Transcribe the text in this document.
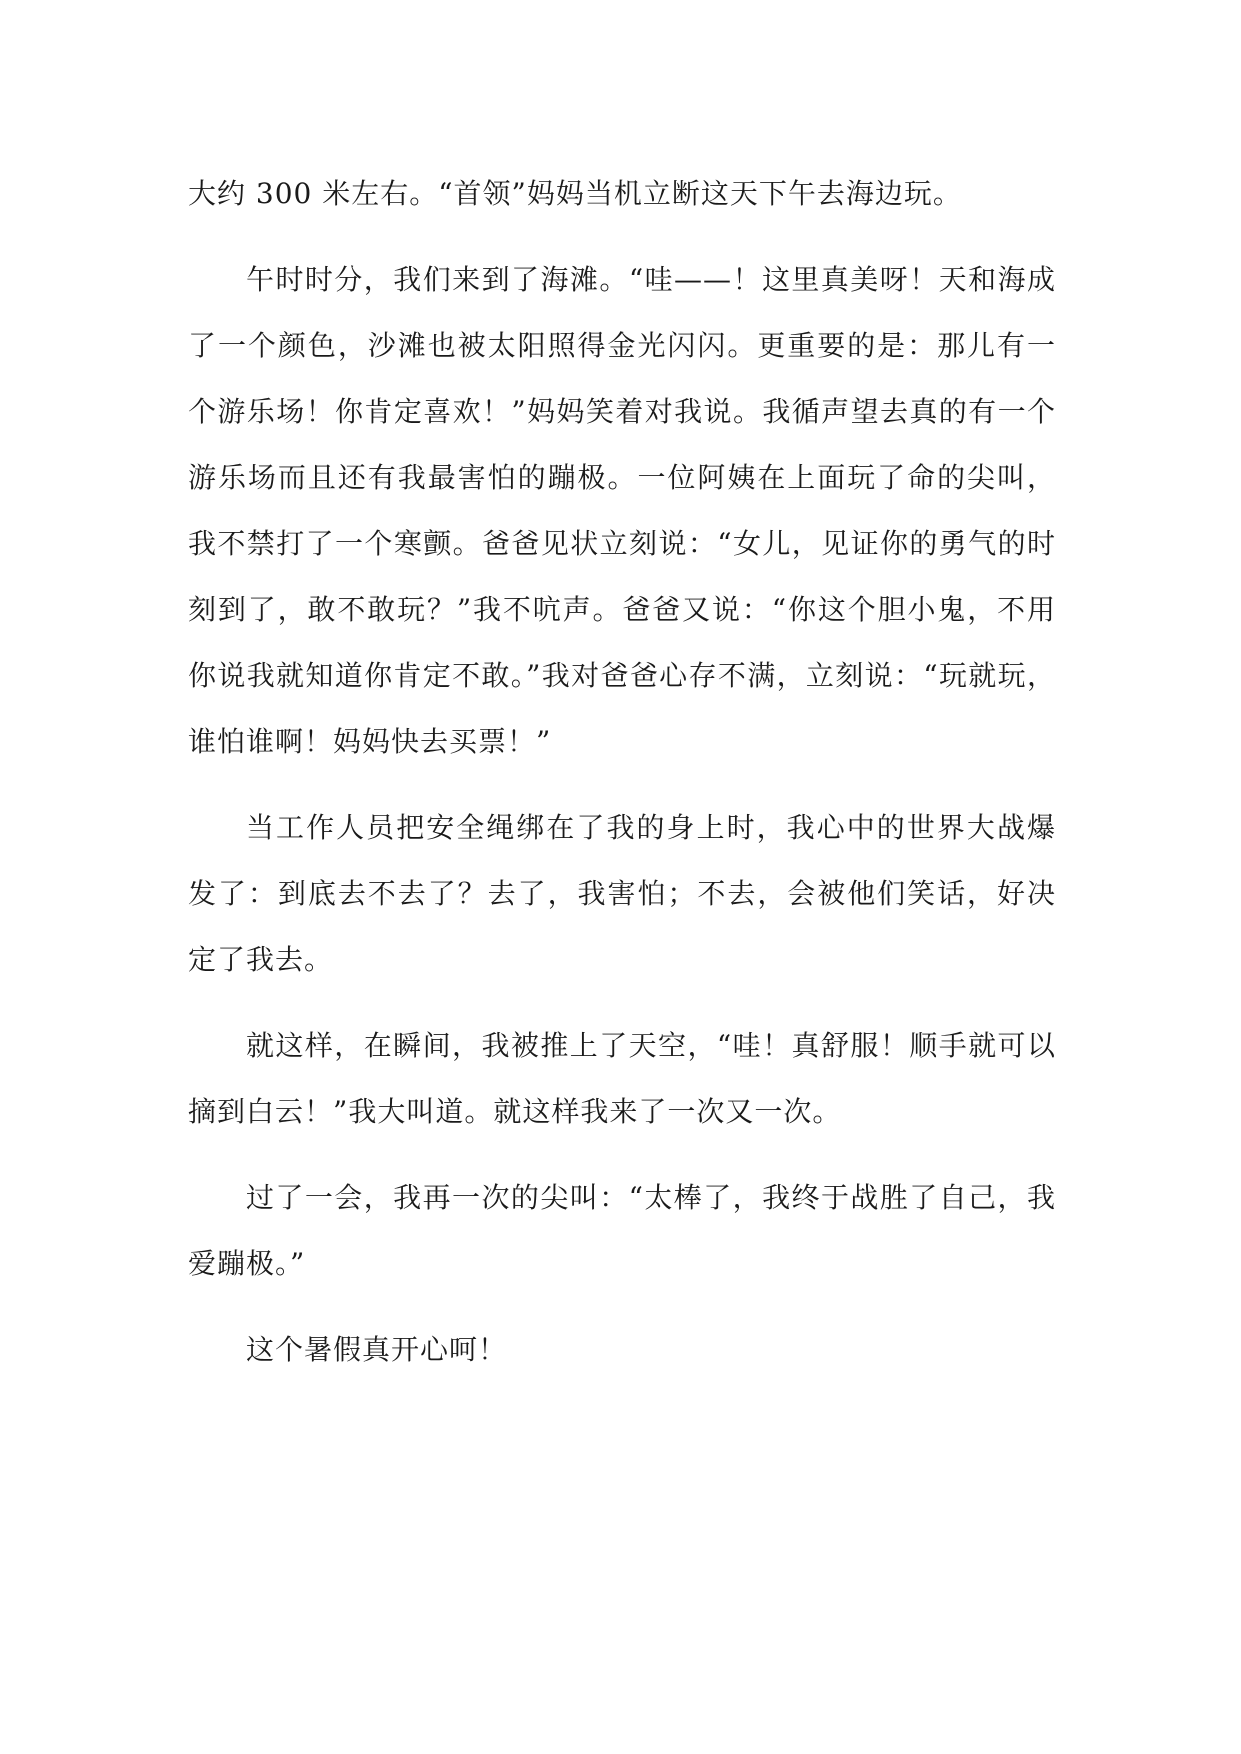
大约 300 米左右。“首领”妈妈当机立断这天下午去海边玩。

午时时分，我们来到了海滩。“哇——！这里真美呀！天和海成了一个颜色，沙滩也被太阳照得金光闪闪。更重要的是：那儿有一个游乐场！你肯定喜欢！”妈妈笑着对我说。我循声望去真的有一个游乐场而且还有我最害怕的蹦极。一位阿姨在上面玩了命的尖叫，我不禁打了一个寒颤。爸爸见状立刻说：“女儿，见证你的勇气的时刻到了，敢不敢玩？”我不吭声。爸爸又说：“你这个胆小鬼，不用你说我就知道你肯定不敢。”我对爸爸心存不满，立刻说：“玩就玩，谁怕谁啊！妈妈快去买票！”

当工作人员把安全绳绑在了我的身上时，我心中的世界大战爆发了：到底去不去了？去了，我害怕；不去，会被他们笑话，好决定了我去。

就这样，在瞬间，我被推上了天空，“哇！真舒服！顺手就可以摘到白云！”我大叫道。就这样我来了一次又一次。

过了一会，我再一次的尖叫：“太棒了，我终于战胜了自己，我爱蹦极。”

这个暑假真开心呵！
